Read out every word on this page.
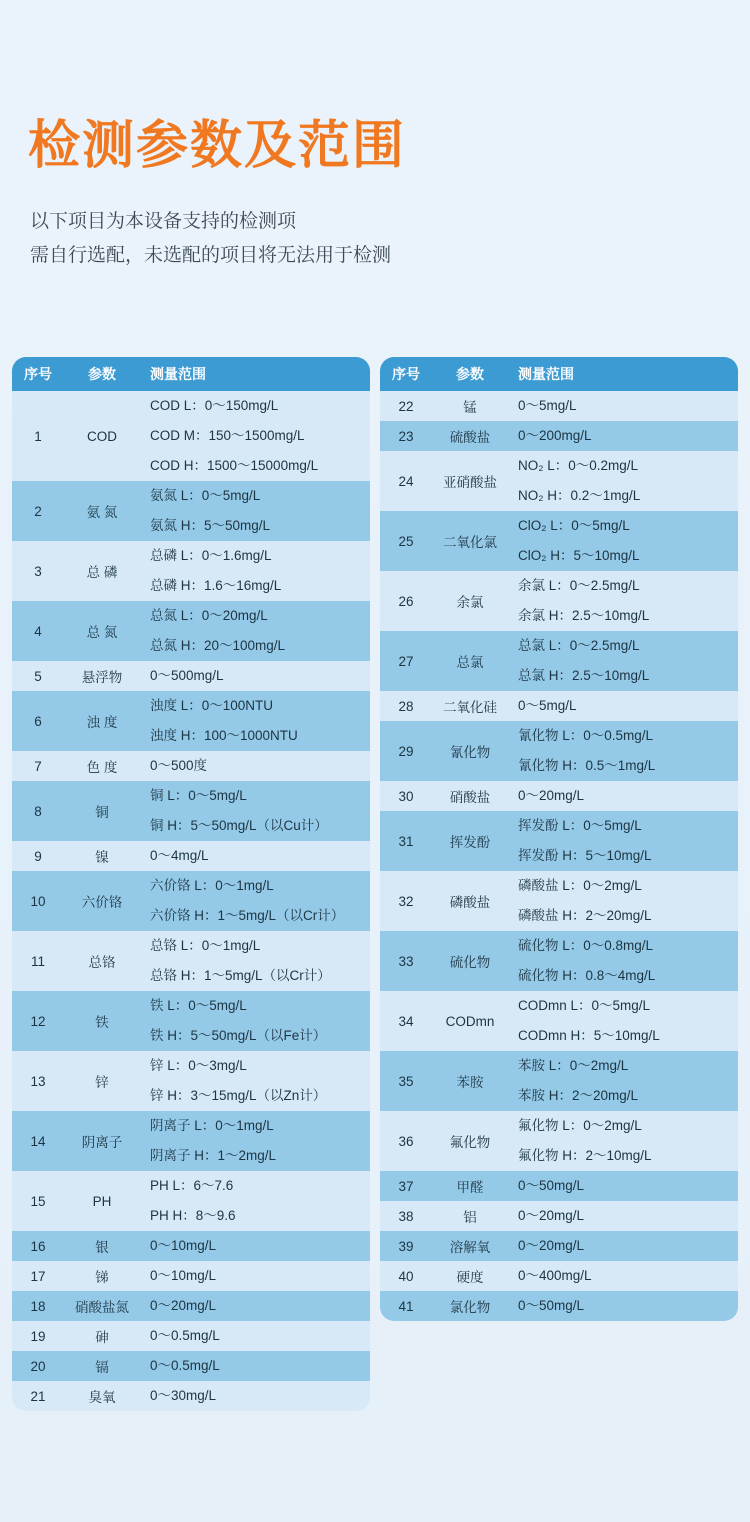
检测参数及范围
以下项目为本设备支持的检测项
需自行选配，未选配的项目将无法用于检测
序号	参数	测量范围
1	COD
COD L：0～150mg/L
COD M：150～1500mg/L
COD H：1500～15000mg/L
2	氨 氮
氨氮 L：0～5mg/L
氨氮 H：5～50mg/L
3	总 磷
总磷 L：0～1.6mg/L
总磷 H：1.6～16mg/L
4	总 氮
总氮 L：0～20mg/L
总氮 H：20～100mg/L
5	悬浮物	0～500mg/L
6	浊 度
浊度 L：0～100NTU
浊度 H：100～1000NTU
7	色 度	0～500度
8	铜
铜 L：0～5mg/L
铜 H：5～50mg/L（以Cu计）
9	镍	0～4mg/L
10	六价铬
六价铬 L：0～1mg/L
六价铬 H：1～5mg/L（以Cr计）
11	总铬
总铬 L：0～1mg/L
总铬 H：1～5mg/L（以Cr计）
12	铁
铁 L：0～5mg/L
铁 H：5～50mg/L（以Fe计）
13	锌
锌 L：0～3mg/L
锌 H：3～15mg/L（以Zn计）
14	阴离子
阴离子 L：0～1mg/L
阴离子 H：1～2mg/L
15	PH
PH L：6～7.6
PH H：8～9.6
16	银	0～10mg/L
17	锑	0～10mg/L
18	硝酸盐氮	0～20mg/L
19	砷	0～0.5mg/L
20	镉	0～0.5mg/L
21	臭氧	0～30mg/L
序号	参数	测量范围
22	锰	0～5mg/L
23	硫酸盐	0～200mg/L
24	亚硝酸盐
NO₂ L：0～0.2mg/L
NO₂ H：0.2～1mg/L
25	二氧化氯
ClO₂ L：0～5mg/L
ClO₂ H：5～10mg/L
26	余氯
余氯 L：0～2.5mg/L
余氯 H：2.5～10mg/L
27	总氯
总氯 L：0～2.5mg/L
总氯 H：2.5～10mg/L
28	二氧化硅	0～5mg/L
29	氰化物
氰化物 L：0～0.5mg/L
氰化物 H：0.5～1mg/L
30	硝酸盐	0～20mg/L
31	挥发酚
挥发酚 L：0～5mg/L
挥发酚 H：5～10mg/L
32	磷酸盐
磷酸盐 L：0～2mg/L
磷酸盐 H：2～20mg/L
33	硫化物
硫化物 L：0～0.8mg/L
硫化物 H：0.8～4mg/L
34	CODmn
CODmn L：0～5mg/L
CODmn H：5～10mg/L
35	苯胺
苯胺 L：0～2mg/L
苯胺 H：2～20mg/L
36	氟化物
氟化物 L：0～2mg/L
氟化物 H：2～10mg/L
37	甲醛	0～50mg/L
38	铝	0～20mg/L
39	溶解氧	0～20mg/L
40	硬度	0～400mg/L
41	氯化物	0～50mg/L
